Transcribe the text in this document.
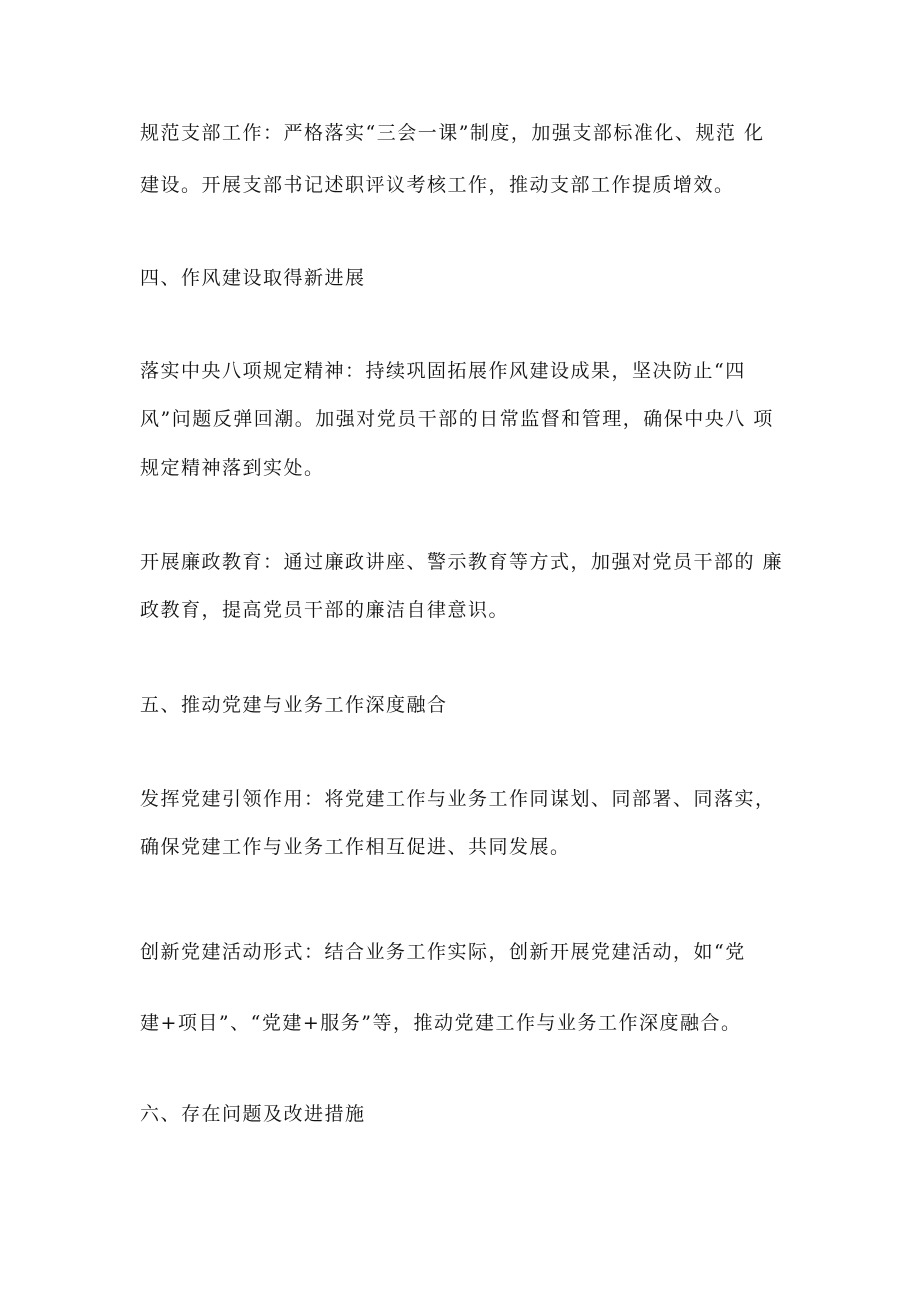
规范支部工作：严格落实“三会一课”制度，加强支部标准化、规范 化

建设。开展支部书记述职评议考核工作，推动支部工作提质增效。

四、作风建设取得新进展

落实中央八项规定精神：持续巩固拓展作风建设成果，坚决防止“四

风”问题反弹回潮。加强对党员干部的日常监督和管理，确保中央八 项

规定精神落到实处。

开展廉政教育：通过廉政讲座、警示教育等方式，加强对党员干部的 廉

政教育，提高党员干部的廉洁自律意识。

五、推动党建与业务工作深度融合

发挥党建引领作用：将党建工作与业务工作同谋划、同部署、同落实，

确保党建工作与业务工作相互促进、共同发展。

创新党建活动形式：结合业务工作实际，创新开展党建活动，如“党

建+项目”、“党建+服务”等，推动党建工作与业务工作深度融合。

六、存在问题及改进措施
